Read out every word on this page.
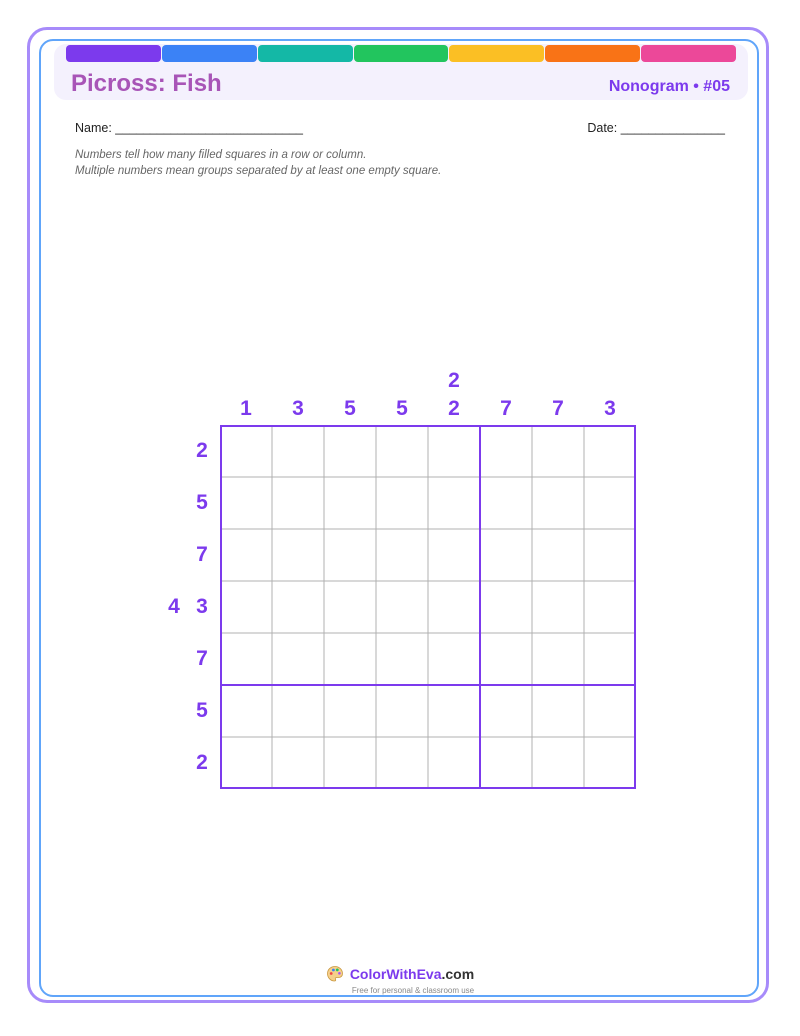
Picross: Fish	Nonogram • #05
Name: ___________________________	Date: _______________
Numbers tell how many filled squares in a row or column.
Multiple numbers mean groups separated by at least one empty square.
1 3 5 5
2
2 7 7 3
2
5
7
4 3
7
5
2
ColorWithEva.com
Free for personal & classroom use
